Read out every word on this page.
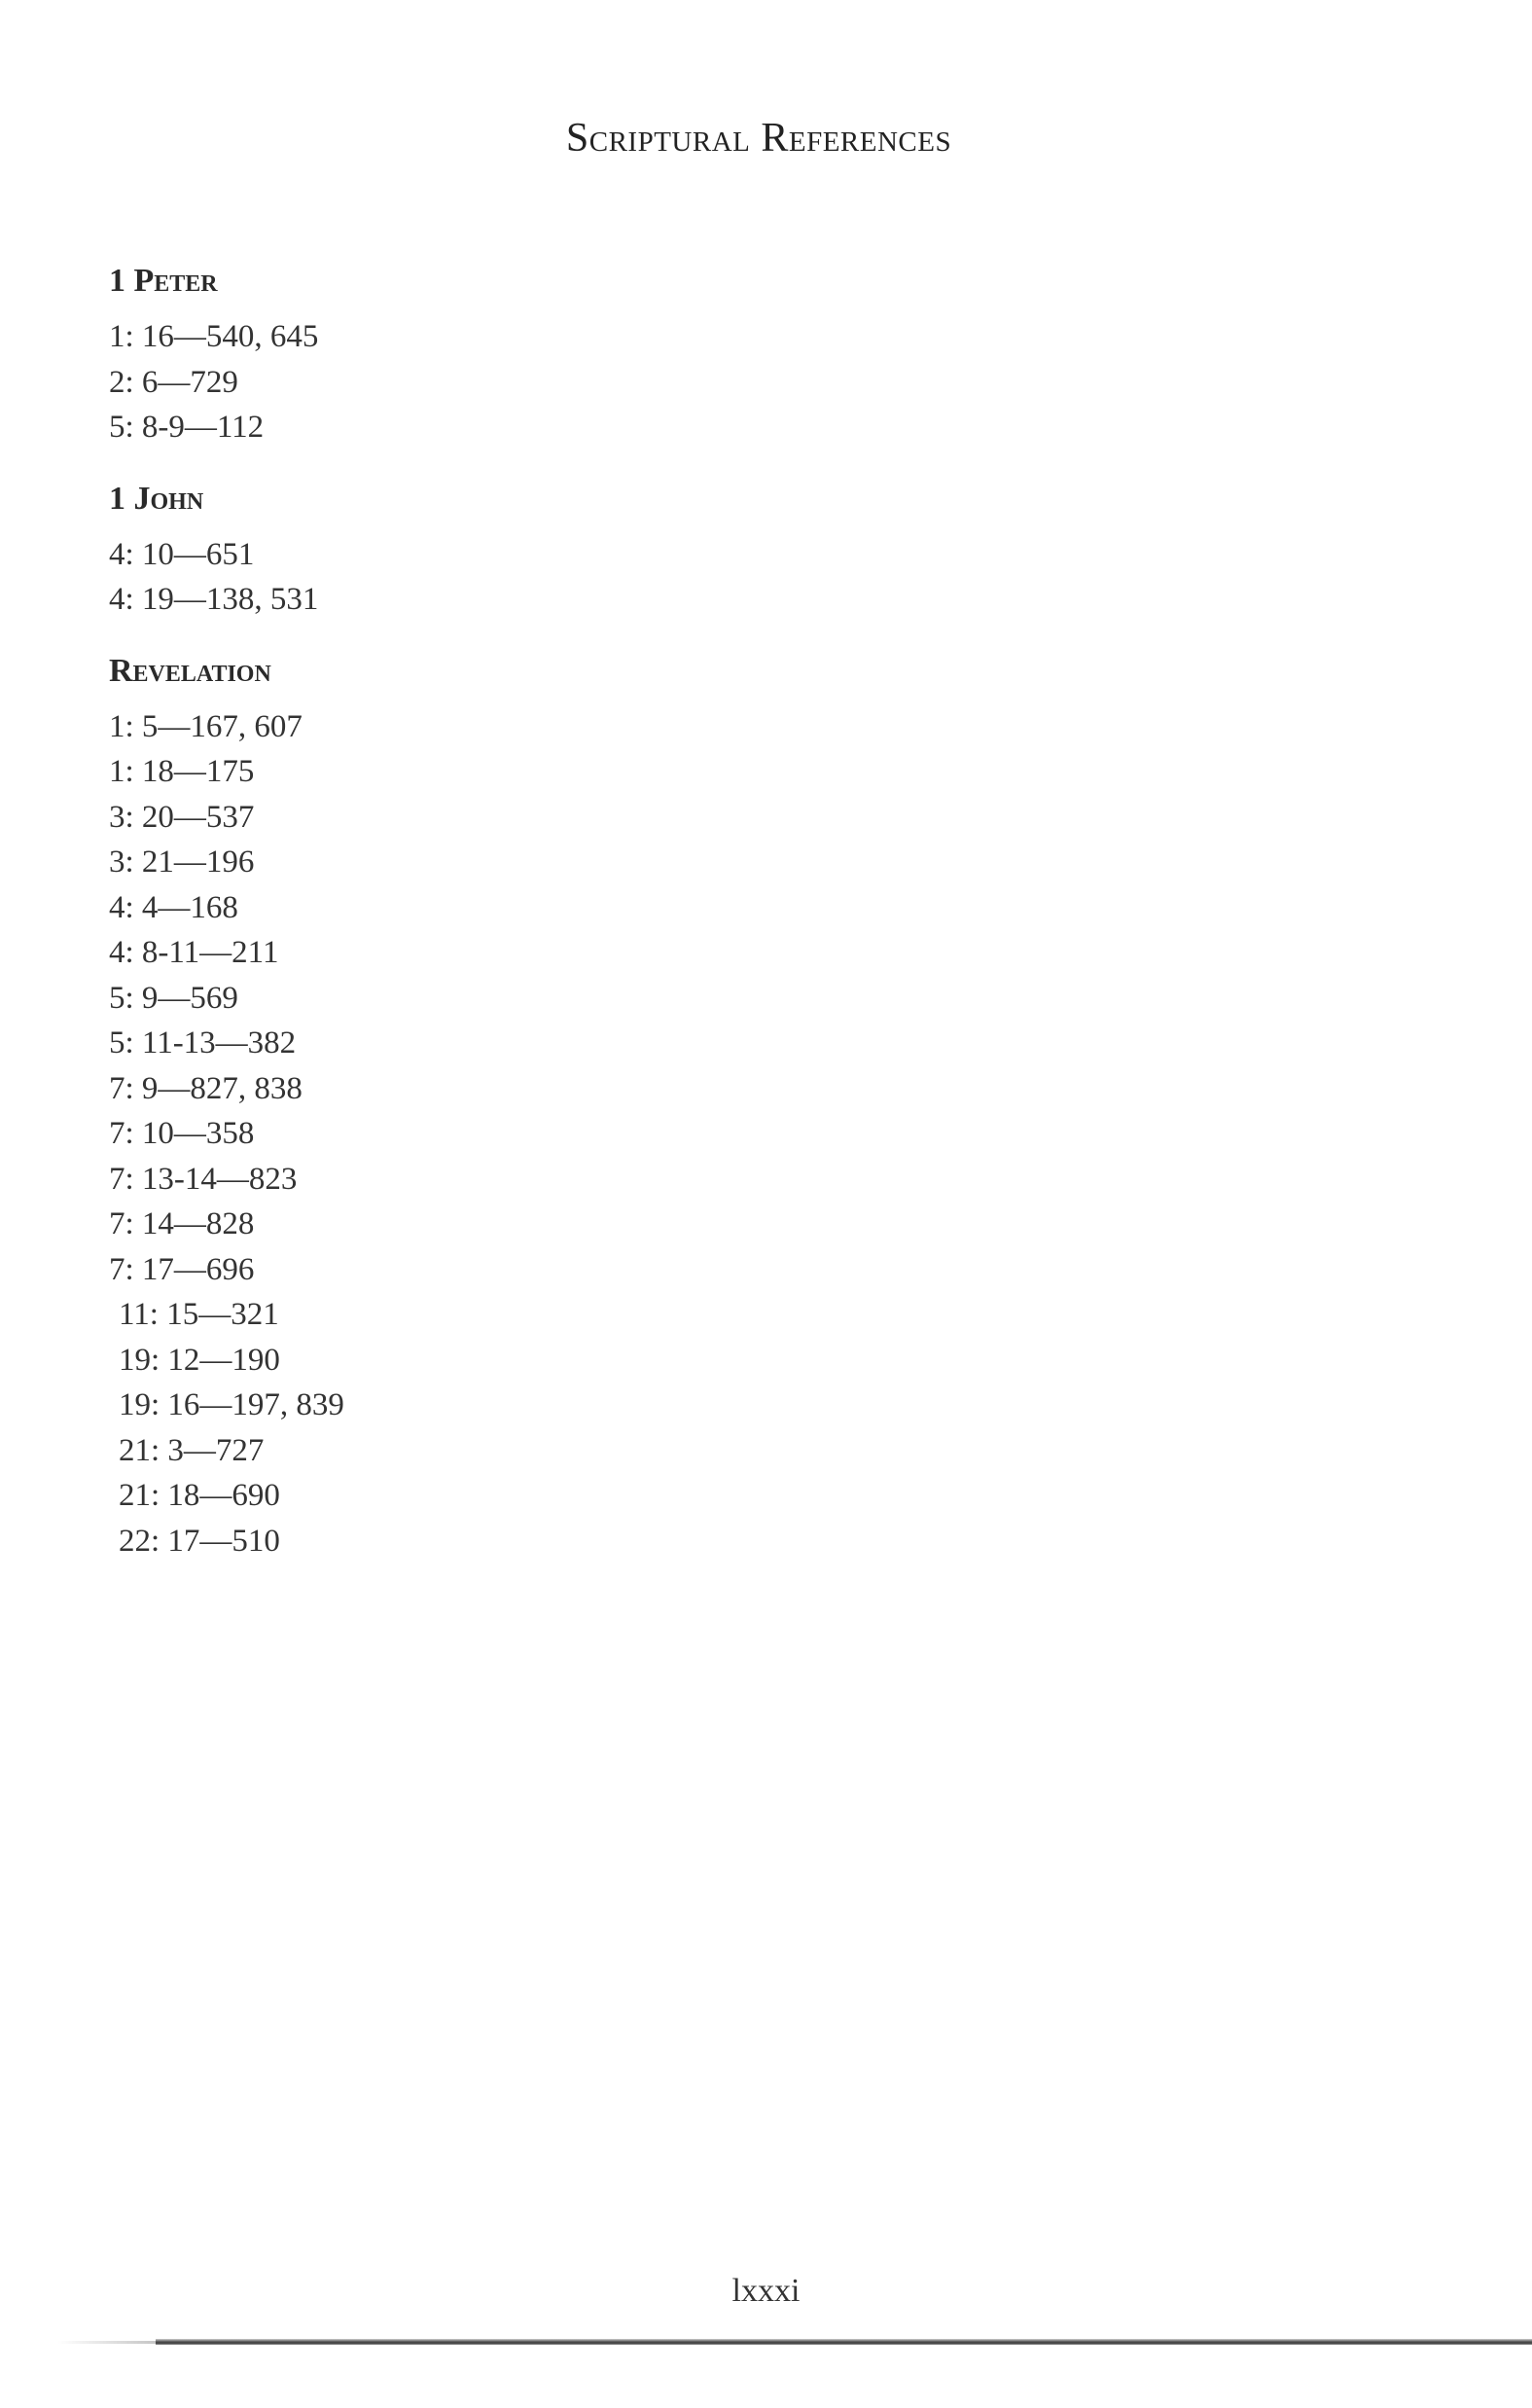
Scriptural References
1 Peter
1: 16—540, 645
2: 6—729
5: 8-9—112
1 John
4: 10—651
4: 19—138, 531
Revelation
1: 5—167, 607
1: 18—175
3: 20—537
3: 21—196
4: 4—168
4: 8-11—211
5: 9—569
5: 11-13—382
7: 9—827, 838
7: 10—358
7: 13-14—823
7: 14—828
7: 17—696
11: 15—321
19: 12—190
19: 16—197, 839
21: 3—727
21: 18—690
22: 17—510
lxxxi
